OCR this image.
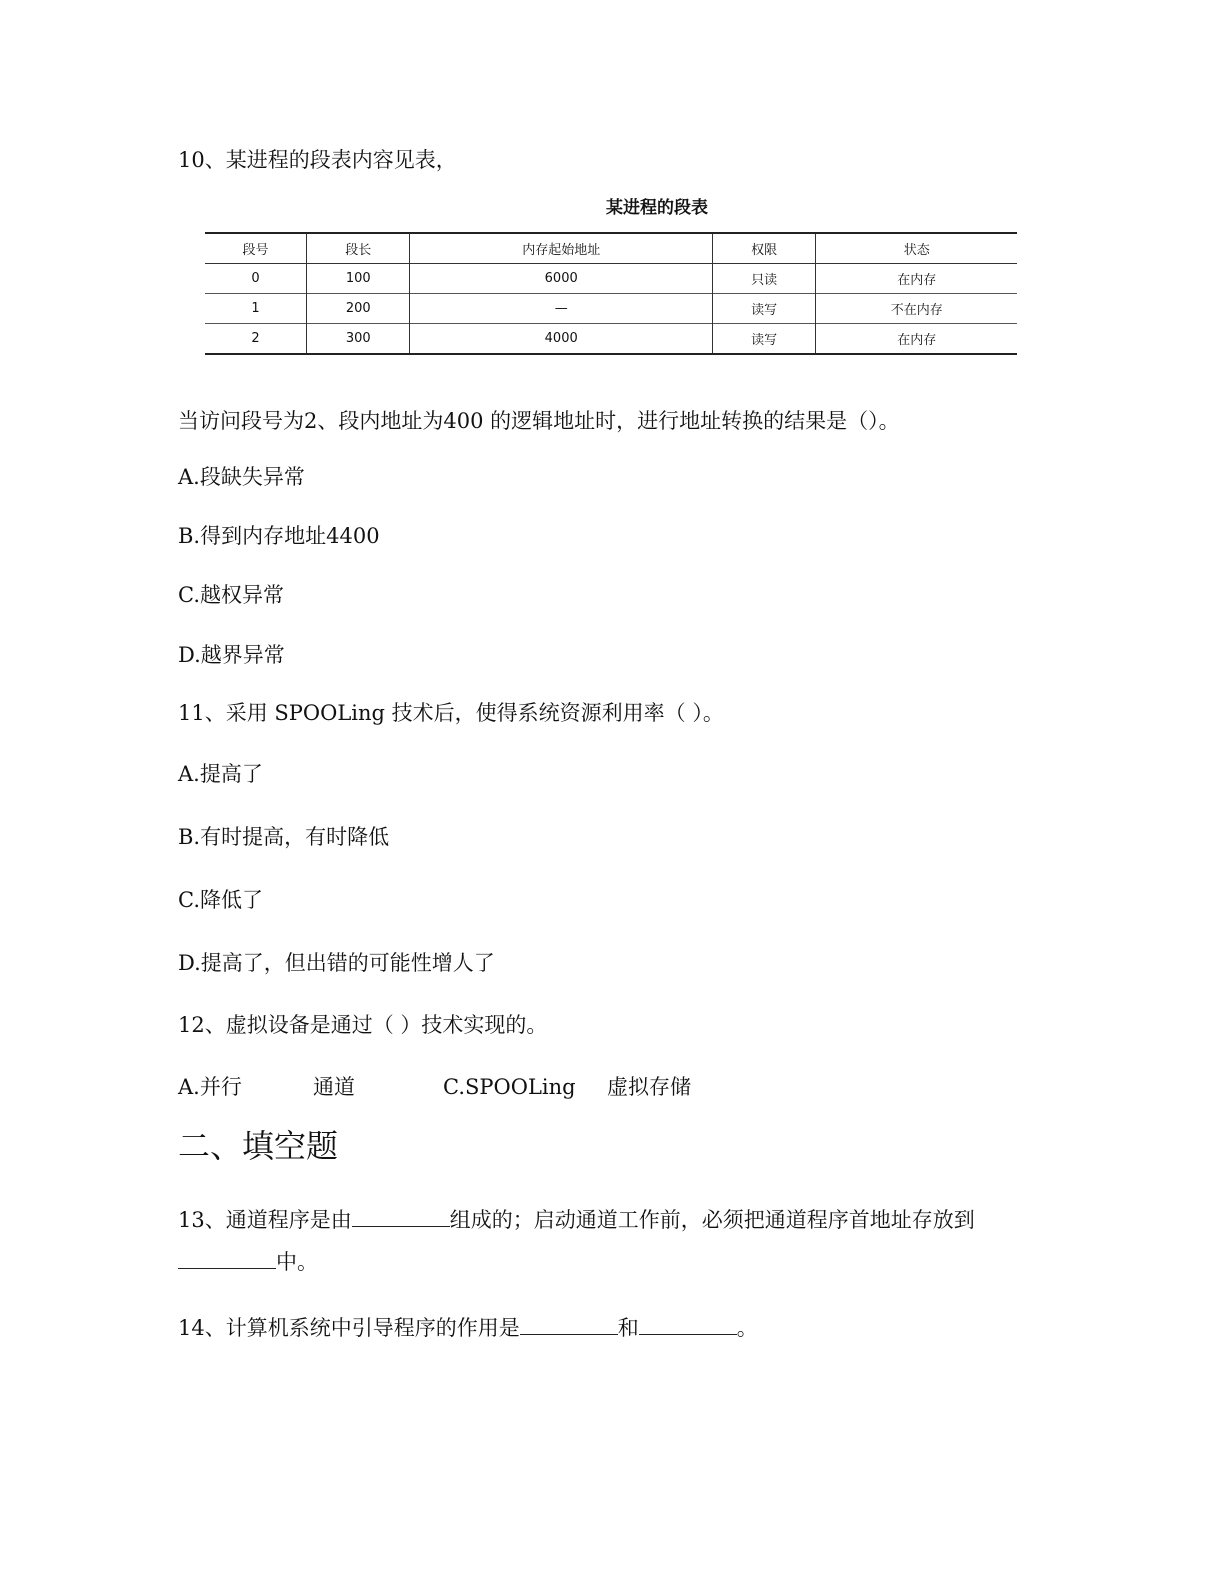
10、某进程的段表内容见表，
某进程的段表
段号	段长	内存起始地址	权限	状态
0	100	6000	只读	在内存
1	200	—	读写	不在内存
2	300	4000	读写	在内存
当访问段号为2、段内地址为400 的逻辑地址时，进行地址转换的结果是（）。
A.段缺失异常
B.得到内存地址4400
C.越权异常
D.越界异常
11、采用 SPOOLing 技术后，使得系统资源利用率（ ）。
A.提高了
B.有时提高，有时降低
C.降低了
D.提高了，但出错的可能性增人了
12、虚拟设备是通过（ ）技术实现的。
A.并行	通道	C.SPOOLing 虚拟存储
二、填空题
13、通道程序是由	组成的；启动通道工作前，必须把通道程序首地址存放到
中。
14、计算机系统中引导程序的作用是	和	。
